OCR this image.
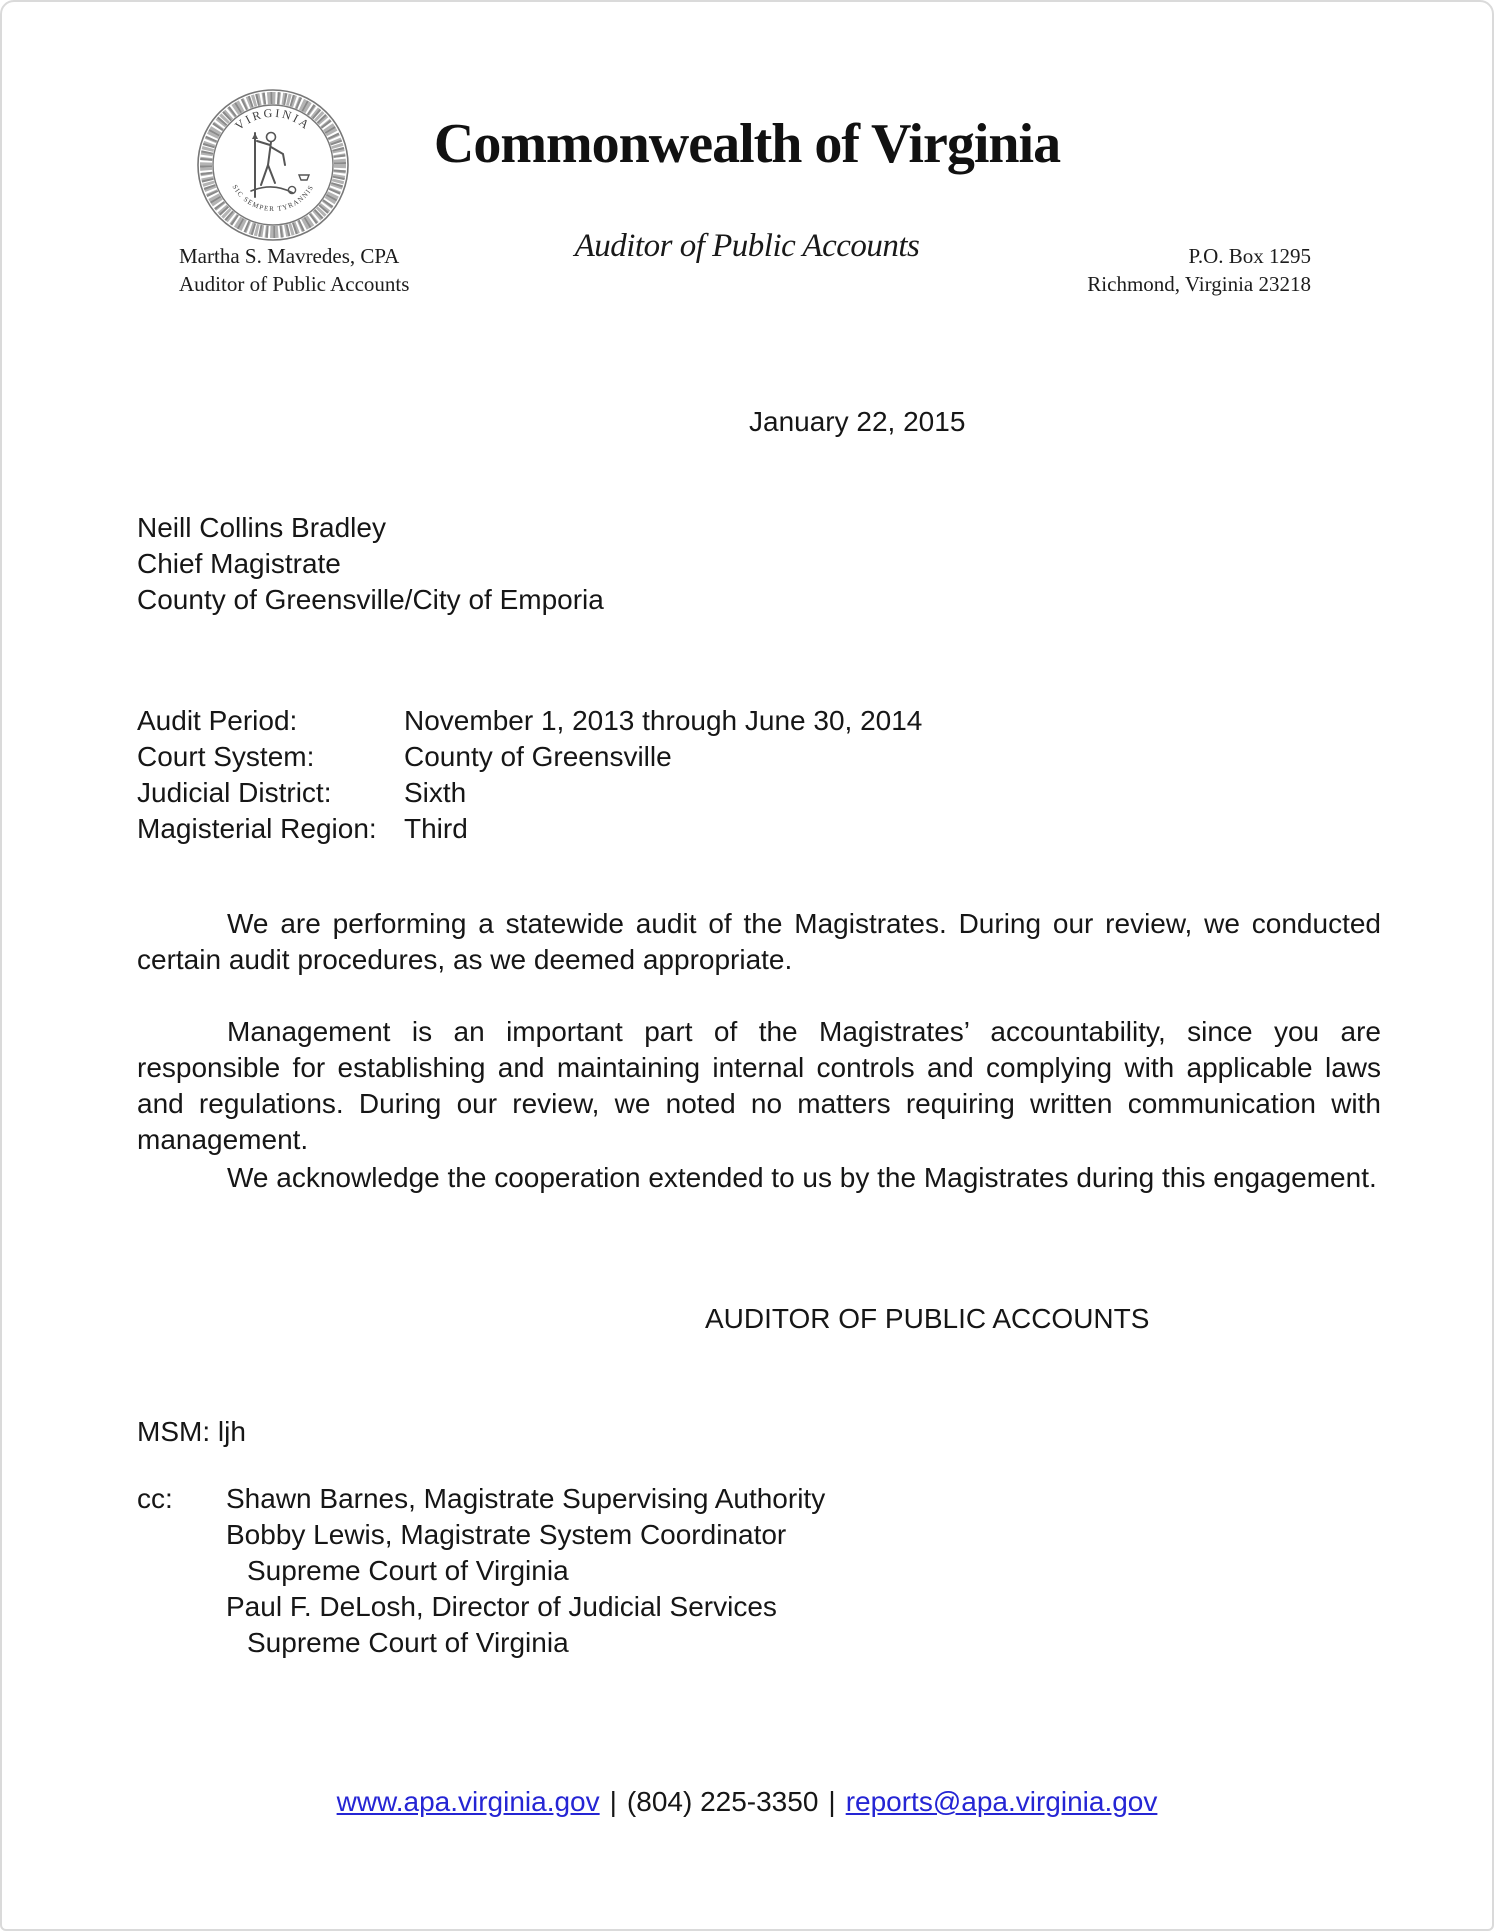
VIRGINIA
SIC SEMPER TYRANNIS
Commonwealth of Virginia
Auditor of Public Accounts
Martha S. Mavredes, CPA
Auditor of Public Accounts
P.O. Box 1295
Richmond, Virginia 23218
January 22, 2015
Neill Collins Bradley
Chief Magistrate
County of Greensville/City of Emporia
Audit Period:	November 1, 2013 through June 30, 2014
Court System:	County of Greensville
Judicial District:	Sixth
Magisterial Region: Third
We are performing a statewide audit of the Magistrates. During our review, we conducted certain audit procedures, as we deemed appropriate.
Management is an important part of the Magistrates’ accountability, since you are responsible for establishing and maintaining internal controls and complying with applicable laws and regulations. During our review, we noted no matters requiring written communication with management.
We acknowledge the cooperation extended to us by the Magistrates during this engagement.
AUDITOR OF PUBLIC ACCOUNTS
MSM: ljh
cc:	Shawn Barnes, Magistrate Supervising Authority
Bobby Lewis, Magistrate System Coordinator
Supreme Court of Virginia
Paul F. DeLosh, Director of Judicial Services
Supreme Court of Virginia
www.apa.virginia.gov | (804) 225-3350 | reports@apa.virginia.gov
